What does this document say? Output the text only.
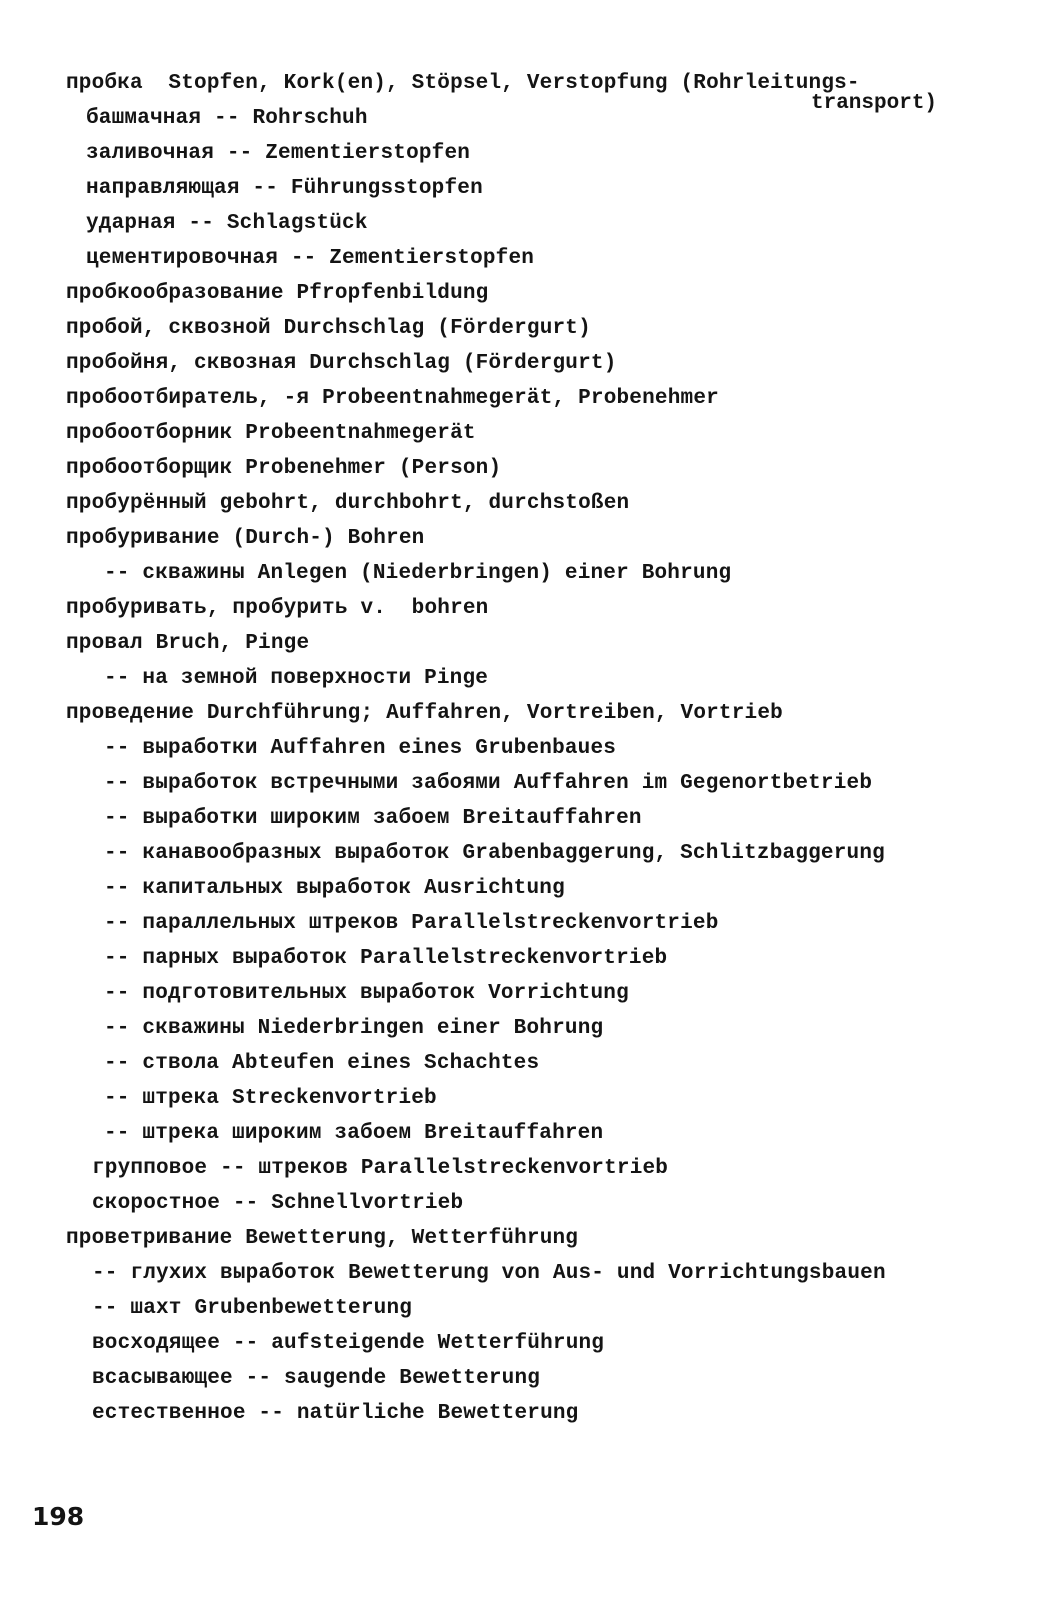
пробка Stopfen, Kork(en), Stöpsel, Verstopfung (Rohrleitungs-
transport)
башмачная -- Rohrschuh
заливочная -- Zementierstopfen
направляющая -- Führungsstopfen
ударная -- Schlagstück
цементировочная -- Zementierstopfen
пробкообразование Pfropfenbildung
пробой, сквозной Durchschlag (Fördergurt)
пробойня, сквозная Durchschlag (Fördergurt)
пробоотбиратель, -я Probeentnahmegerät, Probenehmer
пробоотборник Probeentnahmegerät
пробоотборщик Probenehmer (Person)
пробурённый gebohrt, durchbohrt, durchstoßen
пробуривание (Durch-) Bohren
-- скважины Anlegen (Niederbringen) einer Bohrung
пробуривать, пробурить v.  bohren
провал Bruch, Pinge
-- на земной поверхности Pinge
проведение Durchführung; Auffahren, Vortreiben, Vortrieb
-- выработки Auffahren eines Grubenbaues
-- выработок встречными забоями Auffahren im Gegenortbetrieb
-- выработки широким забоем Breitauffahren
-- канавообразных выработок Grabenbaggerung, Schlitzbaggerung
-- капитальных выработок Ausrichtung
-- параллельных штреков Parallelstreckenvortrieb
-- парных выработок Parallelstreckenvortrieb
-- подготовительных выработок Vorrichtung
-- скважины Niederbringen einer Bohrung
-- ствола Abteufen eines Schachtes
-- штрека Streckenvortrieb
-- штрека широким забоем Breitauffahren
групповое -- штреков Parallelstreckenvortrieb
скоростное -- Schnellvortrieb
проветривание Bewetterung, Wetterführung
-- глухих выработок Bewetterung von Aus- und Vorrichtungsbauen
-- шахт Grubenbewetterung
восходящее -- aufsteigende Wetterführung
всасывающее -- saugende Bewetterung
естественное -- natürliche Bewetterung
198
